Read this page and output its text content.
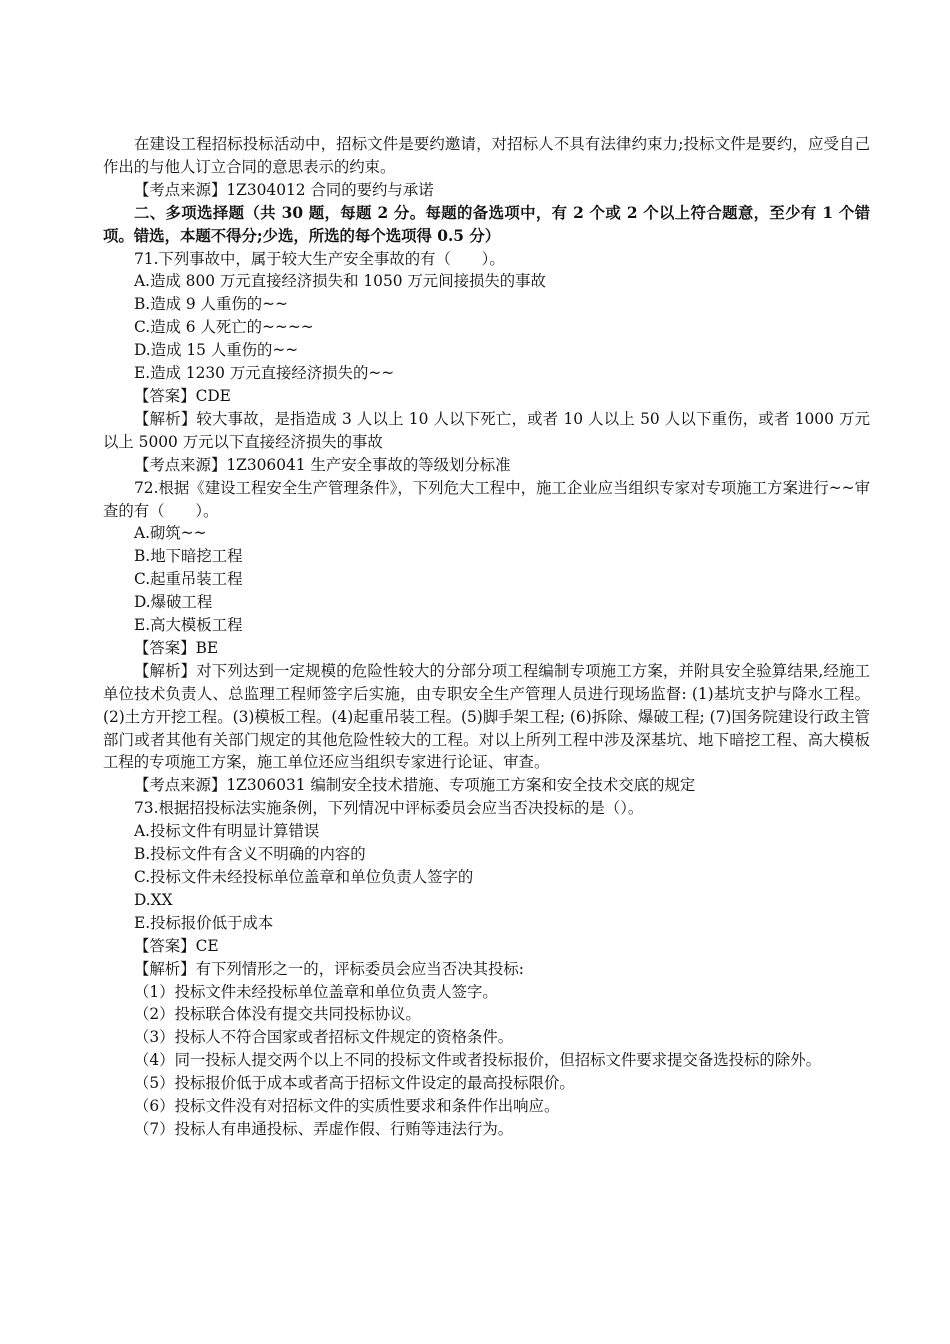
在建设工程招标投标活动中，招标文件是要约邀请，对招标人不具有法律约束力;投标文件是要约，应受自己作出的与他人订立合同的意思表示的约束。

【考点来源】1Z304012 合同的要约与承诺

二、多项选择题（共 30 题，每题 2 分。每题的备选项中，有 2 个或 2 个以上符合题意，至少有 1 个错项。错选，本题不得分;少选，所选的每个选项得 0.5 分）

71.下列事故中，属于较大生产安全事故的有（　　）。

A.造成 800 万元直接经济损失和 1050 万元间接损失的事故

B.造成 9 人重伤的~~

C.造成 6 人死亡的~~~~

D.造成 15 人重伤的~~

E.造成 1230 万元直接经济损失的~~

【答案】CDE

【解析】较大事故，是指造成 3 人以上 10 人以下死亡，或者 10 人以上 50 人以下重伤，或者 1000 万元以上 5000 万元以下直接经济损失的事故

【考点来源】1Z306041 生产安全事故的等级划分标准

72.根据《建设工程安全生产管理条件》，下列危大工程中，施工企业应当组织专家对专项施工方案进行~~审查的有（　　）。

A.砌筑~~

B.地下暗挖工程

C.起重吊装工程

D.爆破工程

E.高大模板工程

【答案】BE

【解析】对下列达到一定规模的危险性较大的分部分项工程编制专项施工方案，并附具安全验算结果,经施工单位技术负责人、总监理工程师签字后实施，由专职安全生产管理人员进行现场监督: (1)基坑支护与降水工程。(2)土方开挖工程。(3)模板工程。(4)起重吊装工程。(5)脚手架工程; (6)拆除、爆破工程; (7)国务院建设行政主管部门或者其他有关部门规定的其他危险性较大的工程。对以上所列工程中涉及深基坑、地下暗挖工程、高大模板工程的专项施工方案，施工单位还应当组织专家进行论证、审查。

【考点来源】1Z306031 编制安全技术措施、专项施工方案和安全技术交底的规定

73.根据招投标法实施条例，下列情况中评标委员会应当否决投标的是（）。

A.投标文件有明显计算错误

B.投标文件有含义不明确的内容的

C.投标文件未经投标单位盖章和单位负责人签字的

D.XX

E.投标报价低于成本

【答案】CE

【解析】有下列情形之一的，评标委员会应当否决其投标:

（1）投标文件未经投标单位盖章和单位负责人签字。

（2）投标联合体没有提交共同投标协议。

（3）投标人不符合国家或者招标文件规定的资格条件。

（4）同一投标人提交两个以上不同的投标文件或者投标报价，但招标文件要求提交备选投标的除外。

（5）投标报价低于成本或者高于招标文件设定的最高投标限价。

（6）投标文件没有对招标文件的实质性要求和条件作出响应。

（7）投标人有串通投标、弄虚作假、行贿等违法行为。
